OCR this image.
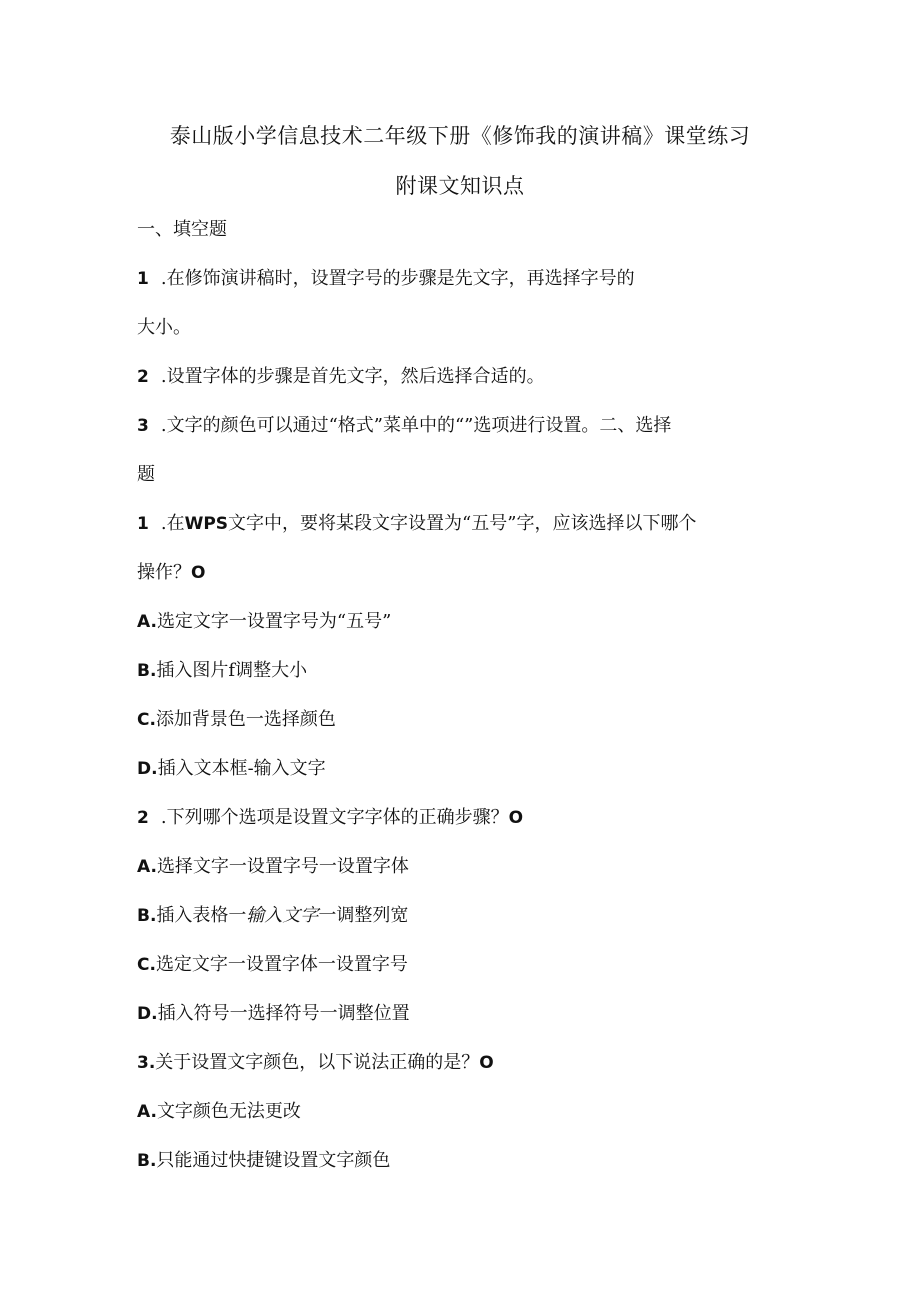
泰山版小学信息技术二年级下册《修饰我的演讲稿》课堂练习
附课文知识点
一、填空题
1 .在修饰演讲稿时，设置字号的步骤是先文字，再选择字号的
大小。
2 .设置字体的步骤是首先文字，然后选择合适的。
3 .文字的颜色可以通过“格式”菜单中的“”选项进行设置。二、选择
题
1 .在WPS文字中，要将某段文字设置为“五号”字，应该选择以下哪个
操作？O
A.选定文字一设置字号为“五号”
B.插入图片f调整大小
C.添加背景色一选择颜色
D.插入文本框-输入文字
2 .下列哪个选项是设置文字字体的正确步骤？O
A.选择文字一设置字号一设置字体
B.插入表格一输入文字一调整列宽
C.选定文字一设置字体一设置字号
D.插入符号一选择符号一调整位置
3.关于设置文字颜色，以下说法正确的是？O
A.文字颜色无法更改
B.只能通过快捷键设置文字颜色
